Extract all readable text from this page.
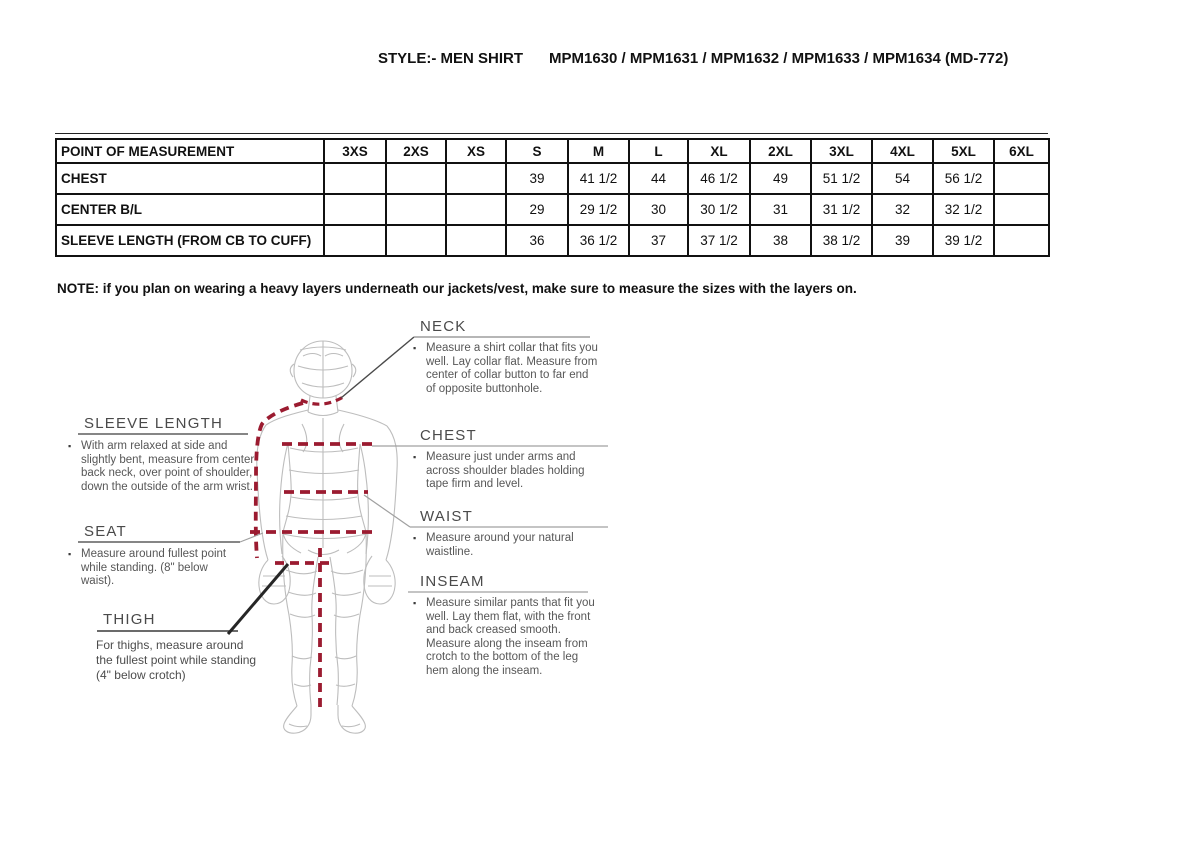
STYLE:- MEN SHIRT MPM1630 / MPM1631 / MPM1632 / MPM1633 / MPM1634 (MD-772)
POINT OF MEASUREMENT	3XS	2XS	XS	S	M	L	XL	2XL	3XL	4XL	5XL	6XL
CHEST				39	41 1/2	44	46 1/2	49	51 1/2	54	56 1/2	
CENTER B/L				29	29 1/2	30	30 1/2	31	31 1/2	32	32 1/2	
SLEEVE LENGTH (FROM CB TO CUFF)				36	36 1/2	37	37 1/2	38	38 1/2	39	39 1/2	
NOTE: if you plan on wearing a heavy layers underneath our jackets/vest, make sure to measure the sizes with the layers on.
NECK
▪ Measure a shirt collar that fits you well. Lay collar flat. Measure from center of collar button to far end of opposite buttonhole.
CHEST
▪ Measure just under arms and across shoulder blades holding tape firm and level.
WAIST
▪ Measure around your natural waistline.
INSEAM
▪ Measure similar pants that fit you well. Lay them flat, with the front and back creased smooth. Measure along the inseam from crotch to the bottom of the leg hem along the inseam.
SLEEVE LENGTH
▪ With arm relaxed at side and slightly bent, measure from center back neck, over point of shoulder, down the outside of the arm wrist.
SEAT
▪ Measure around fullest point while standing. (8" below waist).
THIGH
For thighs, measure around the fullest point while standing (4" below crotch)
